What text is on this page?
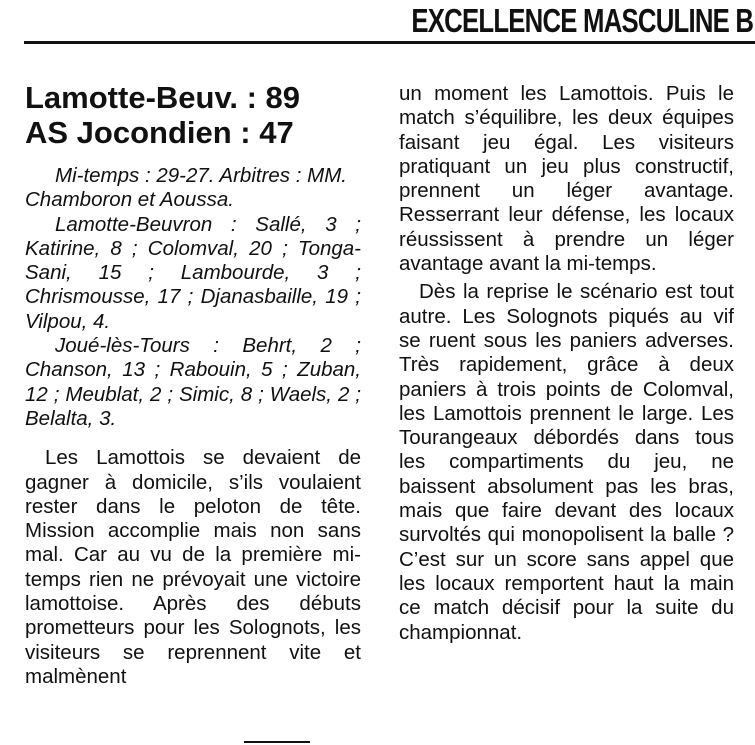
EXCELLENCE MASCULINE B
Lamotte-Beuv. : 89
AS Jocondien : 47

Mi-temps : 29-27. Arbitres : MM. Chamboron et Aoussa.

Lamotte-Beuvron : Sallé, 3 ; Katirine, 8 ; Colomval, 20 ; Tonga-Sani, 15 ; Lambourde, 3 ; Chrismousse, 17 ; Djanasbaille, 19 ; Vilpou, 4.

Joué-lès-Tours : Behrt, 2 ; Chanson, 13 ; Rabouin, 5 ; Zuban, 12 ; Meublat, 2 ; Simic, 8 ; Waels, 2 ; Belalta, 3.

Les Lamottois se devaient de gagner à domicile, s’ils voulaient rester dans le peloton de tête. Mission accomplie mais non sans mal. Car au vu de la première mi-temps rien ne prévoyait une victoire lamottoise. Après des débuts prometteurs pour les Solognots, les visiteurs se reprennent vite et malmènent

un moment les Lamottois. Puis le match s’équilibre, les deux équipes faisant jeu égal. Les visiteurs pratiquant un jeu plus constructif, prennent un léger avantage. Resserrant leur défense, les locaux réussissent à prendre un léger avantage avant la mi-temps.

Dès la reprise le scénario est tout autre. Les Solognots piqués au vif se ruent sous les paniers adverses. Très rapidement, grâce à deux paniers à trois points de Colomval, les Lamottois prennent le large. Les Tourangeaux débordés dans tous les compartiments du jeu, ne baissent absolument pas les bras, mais que faire devant des locaux survoltés qui monopolisent la balle ? C’est sur un score sans appel que les locaux remportent haut la main ce match décisif pour la suite du championnat.
